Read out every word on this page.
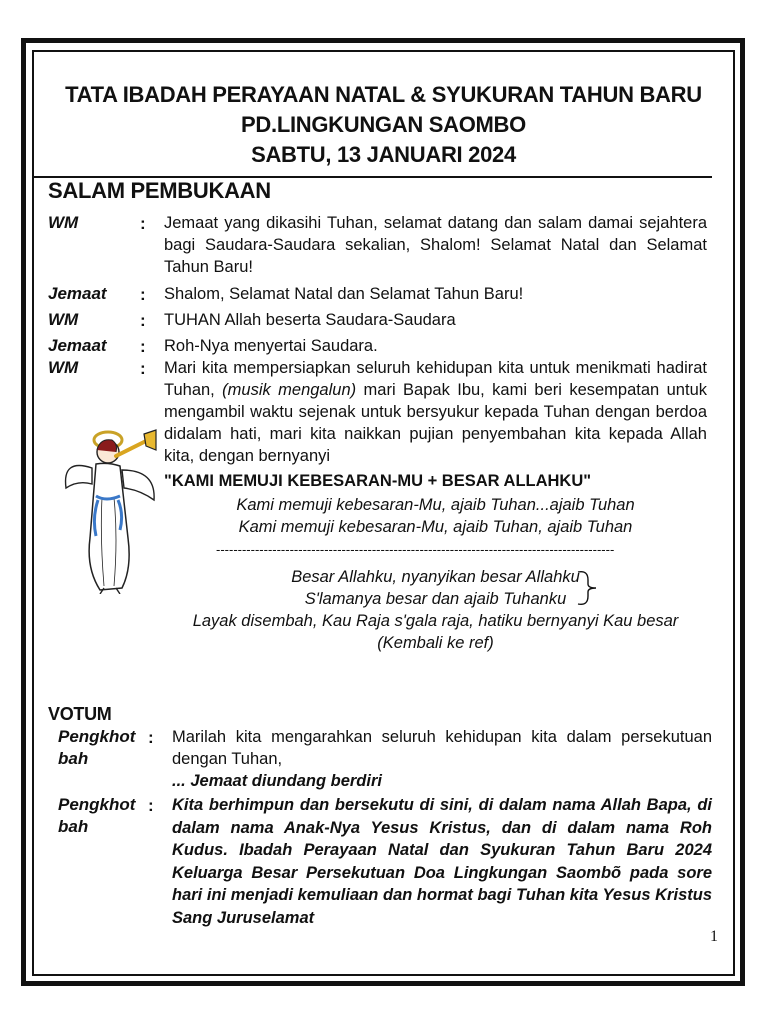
TATA IBADAH PERAYAAN NATAL & SYUKURAN TAHUN BARU
PD.LINGKUNGAN SAOMBO
SABTU, 13 JANUARI 2024
SALAM PEMBUKAAN
WM	: Jemaat yang dikasihi Tuhan, selamat datang dan salam damai sejahtera bagi Saudara-Saudara sekalian, Shalom! Selamat Natal dan Selamat Tahun Baru!
Jemaat : Shalom, Selamat Natal dan Selamat Tahun Baru!
WM	: TUHAN Allah beserta Saudara-Saudara
Jemaat : Roh-Nya menyertai Saudara.
WM	: Mari kita mempersiapkan seluruh kehidupan kita untuk menikmati hadirat Tuhan, (musik mengalun) mari Bapak Ibu, kami beri kesempatan untuk mengambil waktu sejenak untuk bersyukur kepada Tuhan dengan berdoa didalam hati, mari kita naikkan pujian penyembahan kita kepada Allah kita, dengan bernyanyi
"KAMI MEMUJI KEBESARAN-MU + BESAR ALLAHKU"
Kami memuji kebesaran-Mu, ajaib Tuhan...ajaib Tuhan
Kami memuji kebesaran-Mu, ajaib Tuhan, ajaib Tuhan
--------------------------------------------------------------------------------------------
Besar Allahku, nyanyikan besar Allahku
S'lamanya besar dan ajaib Tuhanku
Layak disembah, Kau Raja s'gala raja, hatiku bernyanyi Kau besar
(Kembali ke ref)
VOTUM
Pengkhot
bah
: Marilah kita mengarahkan seluruh kehidupan kita dalam persekutuan dengan Tuhan,
... Jemaat diundang berdiri
Pengkhot
bah
: Kita berhimpun dan bersekutu di sini, di dalam nama Allah Bapa, di dalam nama Anak-Nya Yesus Kristus, dan di dalam nama Roh Kudus. Ibadah Perayaan Natal dan Syukuran Tahun Baru 2024 Keluarga Besar Persekutuan Doa Lingkungan Saombõ pada sore hari ini menjadi kemuliaan dan hormat bagi Tuhan kita Yesus Kristus Sang Juruselamat
1
